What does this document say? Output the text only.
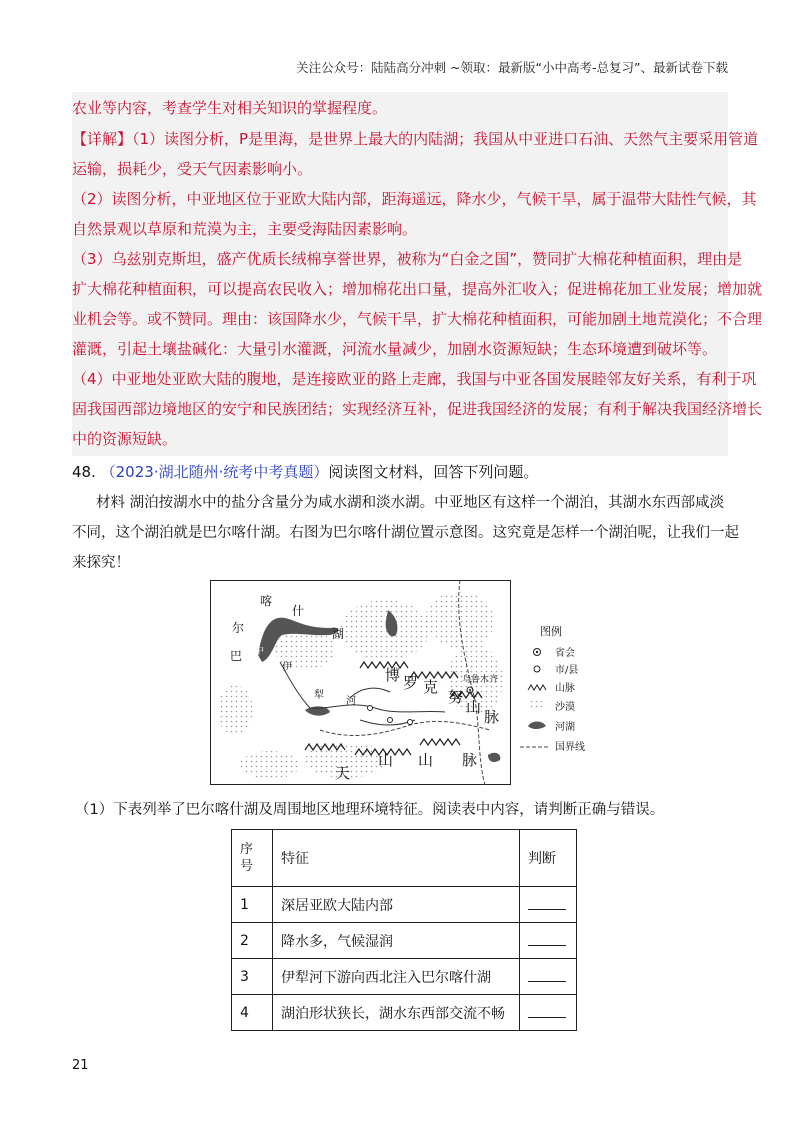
关注公众号：陆陆高分冲刺 ~领取：最新版“小中高考-总复习”、最新试卷下载
农业等内容，考查学生对相关知识的掌握程度。
【详解】（1）读图分析，P是里海，是世界上最大的内陆湖；我国从中亚进口石油、天然气主要采用管道
运输，损耗少，受天气因素影响小。
（2）读图分析，中亚地区位于亚欧大陆内部，距海遥远，降水少，气候干旱，属于温带大陆性气候，其
自然景观以草原和荒漠为主，主要受海陆因素影响。
（3）乌兹别克斯坦，盛产优质长绒棉享誉世界，被称为“白金之国”，赞同扩大棉花种植面积，理由是
扩大棉花种植面积，可以提高农民收入；增加棉花出口量，提高外汇收入；促进棉花加工业发展；增加就
业机会等。或不赞同。理由：该国降水少，气候干旱，扩大棉花种植面积，可能加剧土地荒漠化；不合理
灌溉，引起土壤盐碱化：大量引水灌溉，河流水量减少，加剧水资源短缺；生态环境遭到破坏等。
（4）中亚地处亚欧大陆的腹地，是连接欧亚的路上走廊，我国与中亚各国发展睦邻友好关系，有利于巩
固我国西部边境地区的安宁和民族团结；实现经济互补，促进我国经济的发展；有利于解决我国经济增长
中的资源短缺。
48. （2023·湖北随州·统考中考真题）阅读图文材料，回答下列问题。
材料 湖泊按湖水中的盐分含量分为咸水湖和淡水湖。中亚地区有这样一个湖泊，其湖水东西部咸淡
不同，这个湖泊就是巴尔喀什湖。右图为巴尔喀什湖位置示意图。这究竟是怎样一个湖泊呢，让我们一起
来探究！
尔
巴
喀
什
湖
中
伊
犁
河
博 罗 克
努
山
脉
天
山 山 脉
乌鲁木齐
图例
省会
市/县
山脉
沙漠
河湖
国界线
（1）下表列举了巴尔喀什湖及周围地区地理环境特征。阅读表中内容，请判断正确与错误。
序号	特征	判断
1	深居亚欧大陆内部	
2	降水多，气候湿润	
3	伊犁河下游向西北注入巴尔喀什湖	
4	湖泊形状狭长，湖水东西部交流不畅	
21
